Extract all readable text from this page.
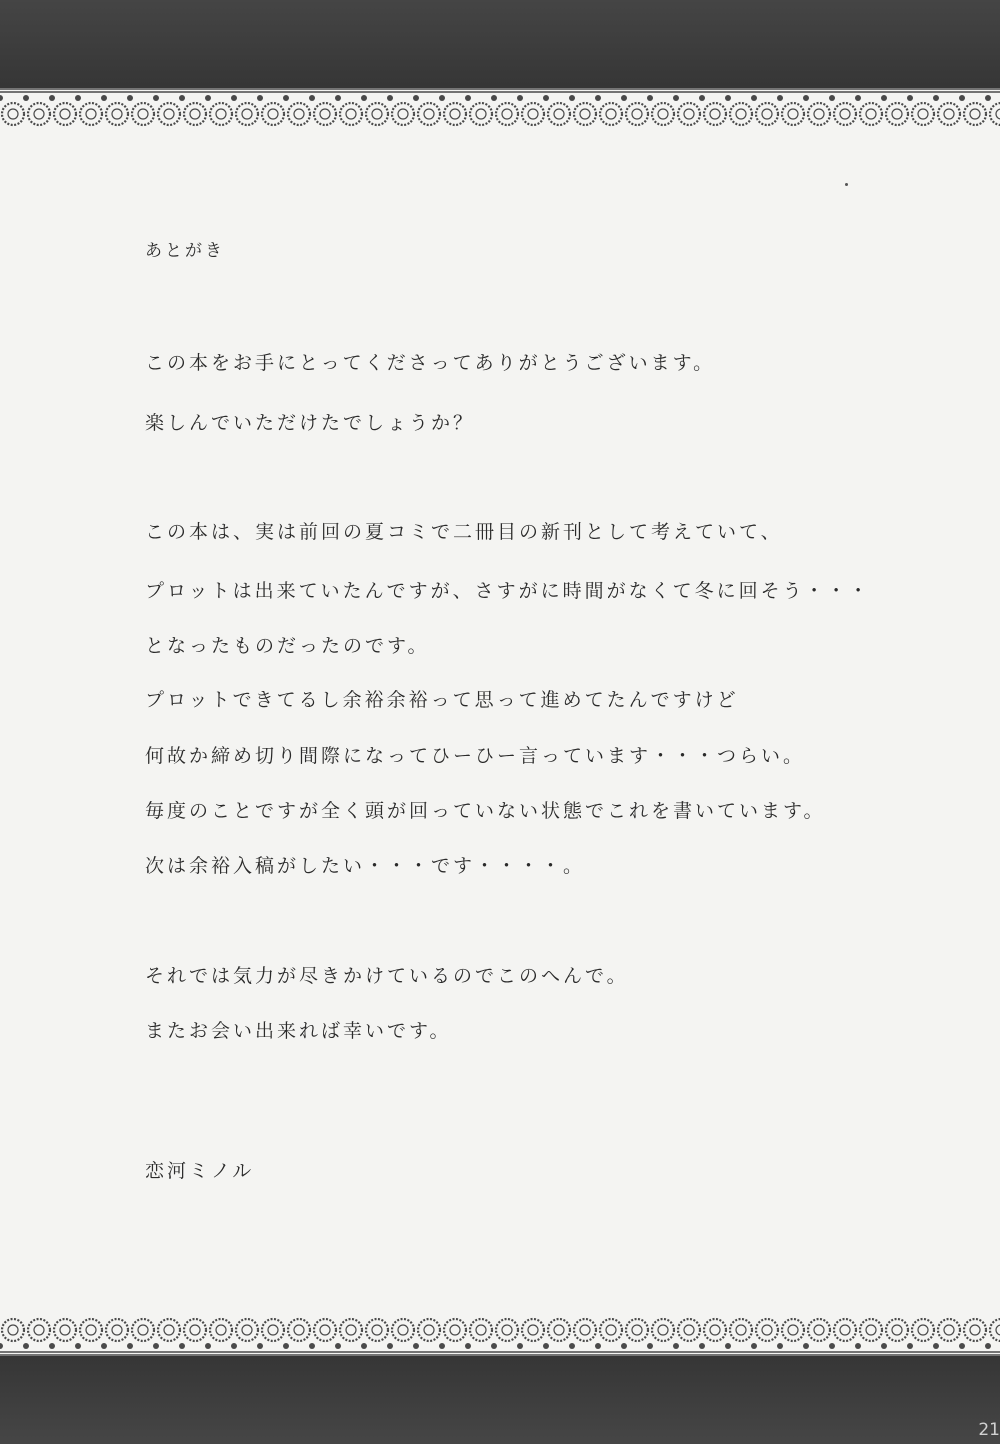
あとがき
この本をお手にとってくださってありがとうございます。
楽しんでいただけたでしょうか？
この本は、実は前回の夏コミで二冊目の新刊として考えていて、
プロットは出来ていたんですが、さすがに時間がなくて冬に回そう・・・
となったものだったのです。
プロットできてるし余裕余裕って思って進めてたんですけど
何故か締め切り間際になってひーひー言っています・・・つらい。
毎度のことですが全く頭が回っていない状態でこれを書いています。
次は余裕入稿がしたい・・・です・・・・。
それでは気力が尽きかけているのでこのへんで。
またお会い出来れば幸いです。
恋河ミノル
21
